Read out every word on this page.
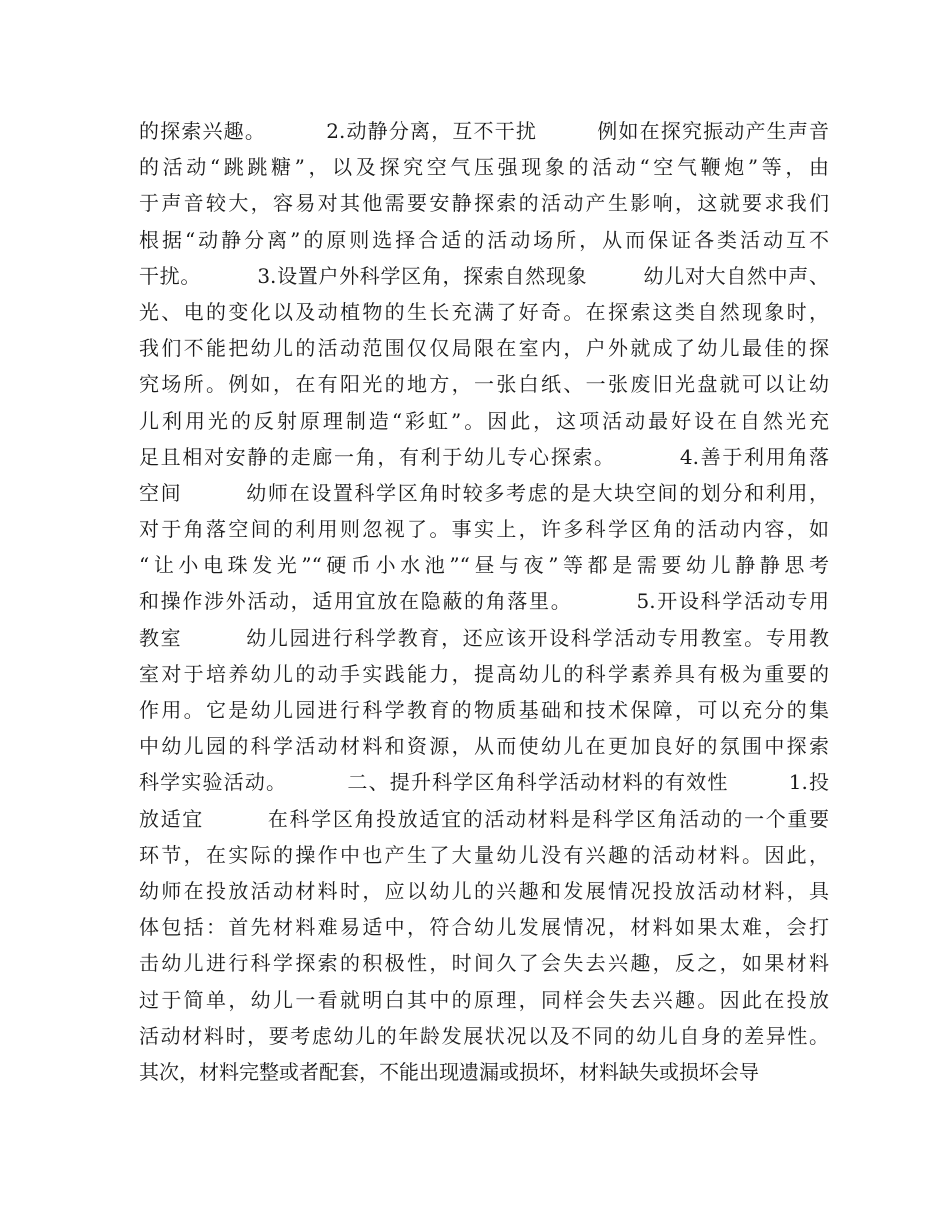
的探索兴趣。        2.动静分离，互不干扰        例如在探究振动产生声音
的活动“跳跳糖”，以及探究空气压强现象的活动“空气鞭炮”等，由
于声音较大，容易对其他需要安静探索的活动产生影响，这就要求我们
根据“动静分离”的原则选择合适的活动场所，从而保证各类活动互不
干扰。        3.设置户外科学区角，探索自然现象        幼儿对大自然中声、
光、电的变化以及动植物的生长充满了好奇。在探索这类自然现象时，
我们不能把幼儿的活动范围仅仅局限在室内，户外就成了幼儿最佳的探
究场所。例如，在有阳光的地方，一张白纸、一张废旧光盘就可以让幼
儿利用光的反射原理制造“彩虹”。因此，这项活动最好设在自然光充
足且相对安静的走廊一角，有利于幼儿专心探索。        4.善于利用角落
空间        幼师在设置科学区角时较多考虑的是大块空间的划分和利用，
对于角落空间的利用则忽视了。事实上，许多科学区角的活动内容，如
“让小电珠发光”“硬币小水池”“昼与夜”等都是需要幼儿静静思考
和操作涉外活动，适用宜放在隐蔽的角落里。        5.开设科学活动专用
教室        幼儿园进行科学教育，还应该开设科学活动专用教室。专用教
室对于培养幼儿的动手实践能力，提高幼儿的科学素养具有极为重要的
作用。它是幼儿园进行科学教育的物质基础和技术保障，可以充分的集
中幼儿园的科学活动材料和资源，从而使幼儿在更加良好的氛围中探索
科学实验活动。        二、提升科学区角科学活动材料的有效性        1.投
放适宜        在科学区角投放适宜的活动材料是科学区角活动的一个重要
环节，在实际的操作中也产生了大量幼儿没有兴趣的活动材料。因此，
幼师在投放活动材料时，应以幼儿的兴趣和发展情况投放活动材料，具
体包括：首先材料难易适中，符合幼儿发展情况，材料如果太难，会打
击幼儿进行科学探索的积极性，时间久了会失去兴趣，反之，如果材料
过于简单，幼儿一看就明白其中的原理，同样会失去兴趣。因此在投放
活动材料时，要考虑幼儿的年龄发展状况以及不同的幼儿自身的差异性。
其次，材料完整或者配套，不能出现遗漏或损坏，材料缺失或损坏会导
